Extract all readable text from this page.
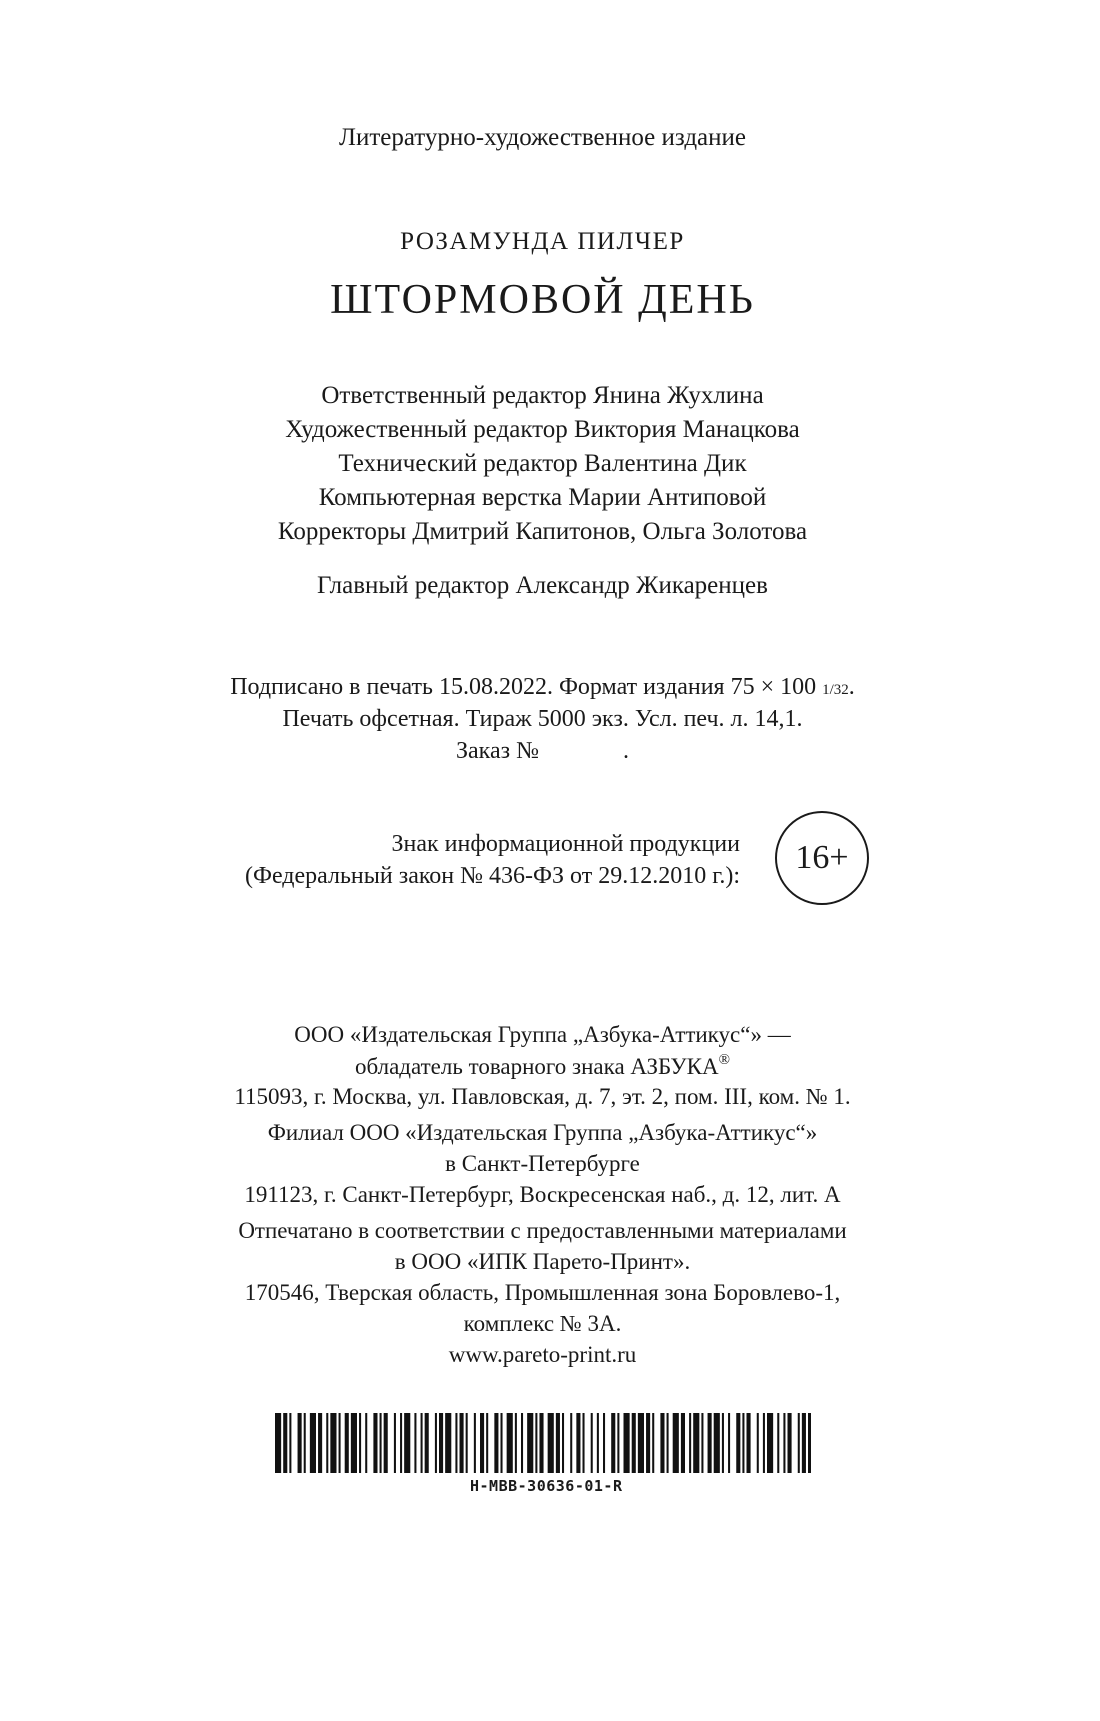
Литературно-художественное издание
РОЗАМУНДА ПИЛЧЕР
ШТОРМОВОЙ ДЕНЬ
Ответственный редактор Янина Жухлина
Художественный редактор Виктория Манацкова
Технический редактор Валентина Дик
Компьютерная верстка Марии Антиповой
Корректоры Дмитрий Капитонов, Ольга Золотова
Главный редактор Александр Жикаренцев
Подписано в печать 15.08.2022. Формат издания 75 × 100 1/32.
Печать офсетная. Тираж 5000 экз. Усл. печ. л. 14,1.
Заказ №              .
Знак информационной продукции
(Федеральный закон № 436-ФЗ от 29.12.2010 г.):	16+
ООО «Издательская Группа „Азбука-Аттикус“» —
обладатель товарного знака АЗБУКА®
115093, г. Москва, ул. Павловская, д. 7, эт. 2, пом. III, ком. № 1.
Филиал ООО «Издательская Группа „Азбука-Аттикус“»
в Санкт-Петербурге
191123, г. Санкт-Петербург, Воскресенская наб., д. 12, лит. А
Отпечатано в соответствии с предоставленными материалами
в ООО «ИПК Парето-Принт».
170546, Тверская область, Промышленная зона Боровлево-1,
комплекс № 3А.
www.pareto-print.ru
H-MBB-30636-01-R
